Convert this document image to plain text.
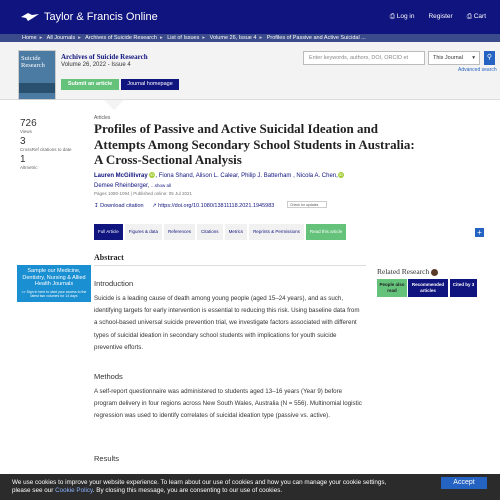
Taylor & Francis Online	⎙ Log in Register ⎙ Cart
Home ▸ All Journals ▸ Archives of Suicide Research ▸ List of Issues ▸ Volume 26, Issue 4 ▸ Profiles of Passive and Active Suicidal ...
Suicide Research
Archives of Suicide Research
Volume 26, 2022 - Issue 4
Submit an article	Journal homepage
Enter keywords, authors, DOI, ORCID et	This Journal ▾	⚲
Advanced search
726
Views
3
CrossRef citations to date
1
Altmetric
Articles
Profiles of Passive and Active Suicidal Ideation and Attempts Among Secondary School Students in Australia: A Cross-Sectional Analysis
Lauren McGillivray iD, Fiona Shand, Alison L. Calear, Philip J. Batterham , Nicola A. Chen,iD
Demee Rheinberger, ...show all
Pages 1080-1094 | Published online: 05 Jul 2021
↧ Download citation ↗ https://doi.org/10.1080/13811118.2021.1945983	Check for updates
Full Article	Figures & data	References	Citations	Metrics	Reprints & Permissions	Read this article	+
Sample our Medicine, Dentistry, Nursing & Allied Health Journals
>> Sign in here to start your access to the latest two volumes for 14 days
Abstract
Introduction
Suicide is a leading cause of death among young people (aged 15–24 years), and as such, identifying targets for early intervention is essential to reducing this risk. Using baseline data from a school-based universal suicide prevention trial, we investigate factors associated with different types of suicidal ideation in secondary school students with implications for youth suicide preventive efforts.
Methods
A self-report questionnaire was administered to students aged 13–16 years (Year 9) before program delivery in four regions across New South Wales, Australia (N = 556). Multinomial logistic regression was used to identify correlates of suicidal ideation type (passive vs. active).
Results
Related Research
People also read
Recommended articles
Cited by 3
We use cookies to improve your website experience. To learn about our use of cookies and how you can manage your cookie settings,
please see our Cookie Policy. By closing this message, you are consenting to our use of cookies.
Accept
